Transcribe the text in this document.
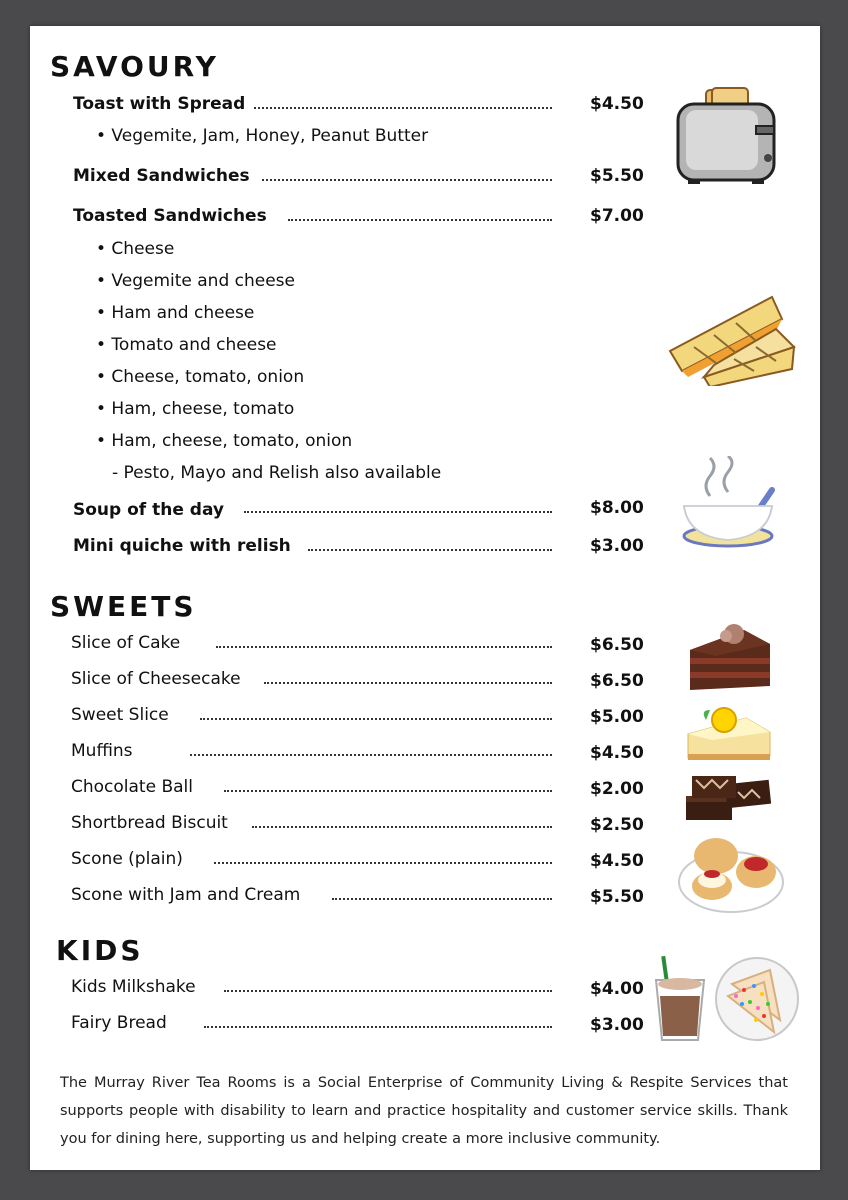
SAVOURY
Toast with Spread	$4.50
• Vegemite, Jam, Honey, Peanut Butter
Mixed Sandwiches	$5.50
Toasted Sandwiches	$7.00
• Cheese
• Vegemite and cheese
• Ham and cheese
• Tomato and cheese
• Cheese, tomato, onion
• Ham, cheese, tomato
• Ham, cheese, tomato, onion
- Pesto, Mayo and Relish also available
Soup of the day	$8.00
Mini quiche with relish	$3.00
SWEETS
Slice of Cake	$6.50
Slice of Cheesecake	$6.50
Sweet Slice	$5.00
Muffins	$4.50
Chocolate Ball	$2.00
Shortbread Biscuit	$2.50
Scone (plain)	$4.50
Scone with Jam and Cream	$5.50
KIDS
Kids Milkshake	$4.00
Fairy Bread	$3.00
The Murray River Tea Rooms is a Social Enterprise of Community Living & Respite Services that supports people with disability to learn and practice hospitality and customer service skills. Thank you for dining here, supporting us and helping create a more inclusive community.
